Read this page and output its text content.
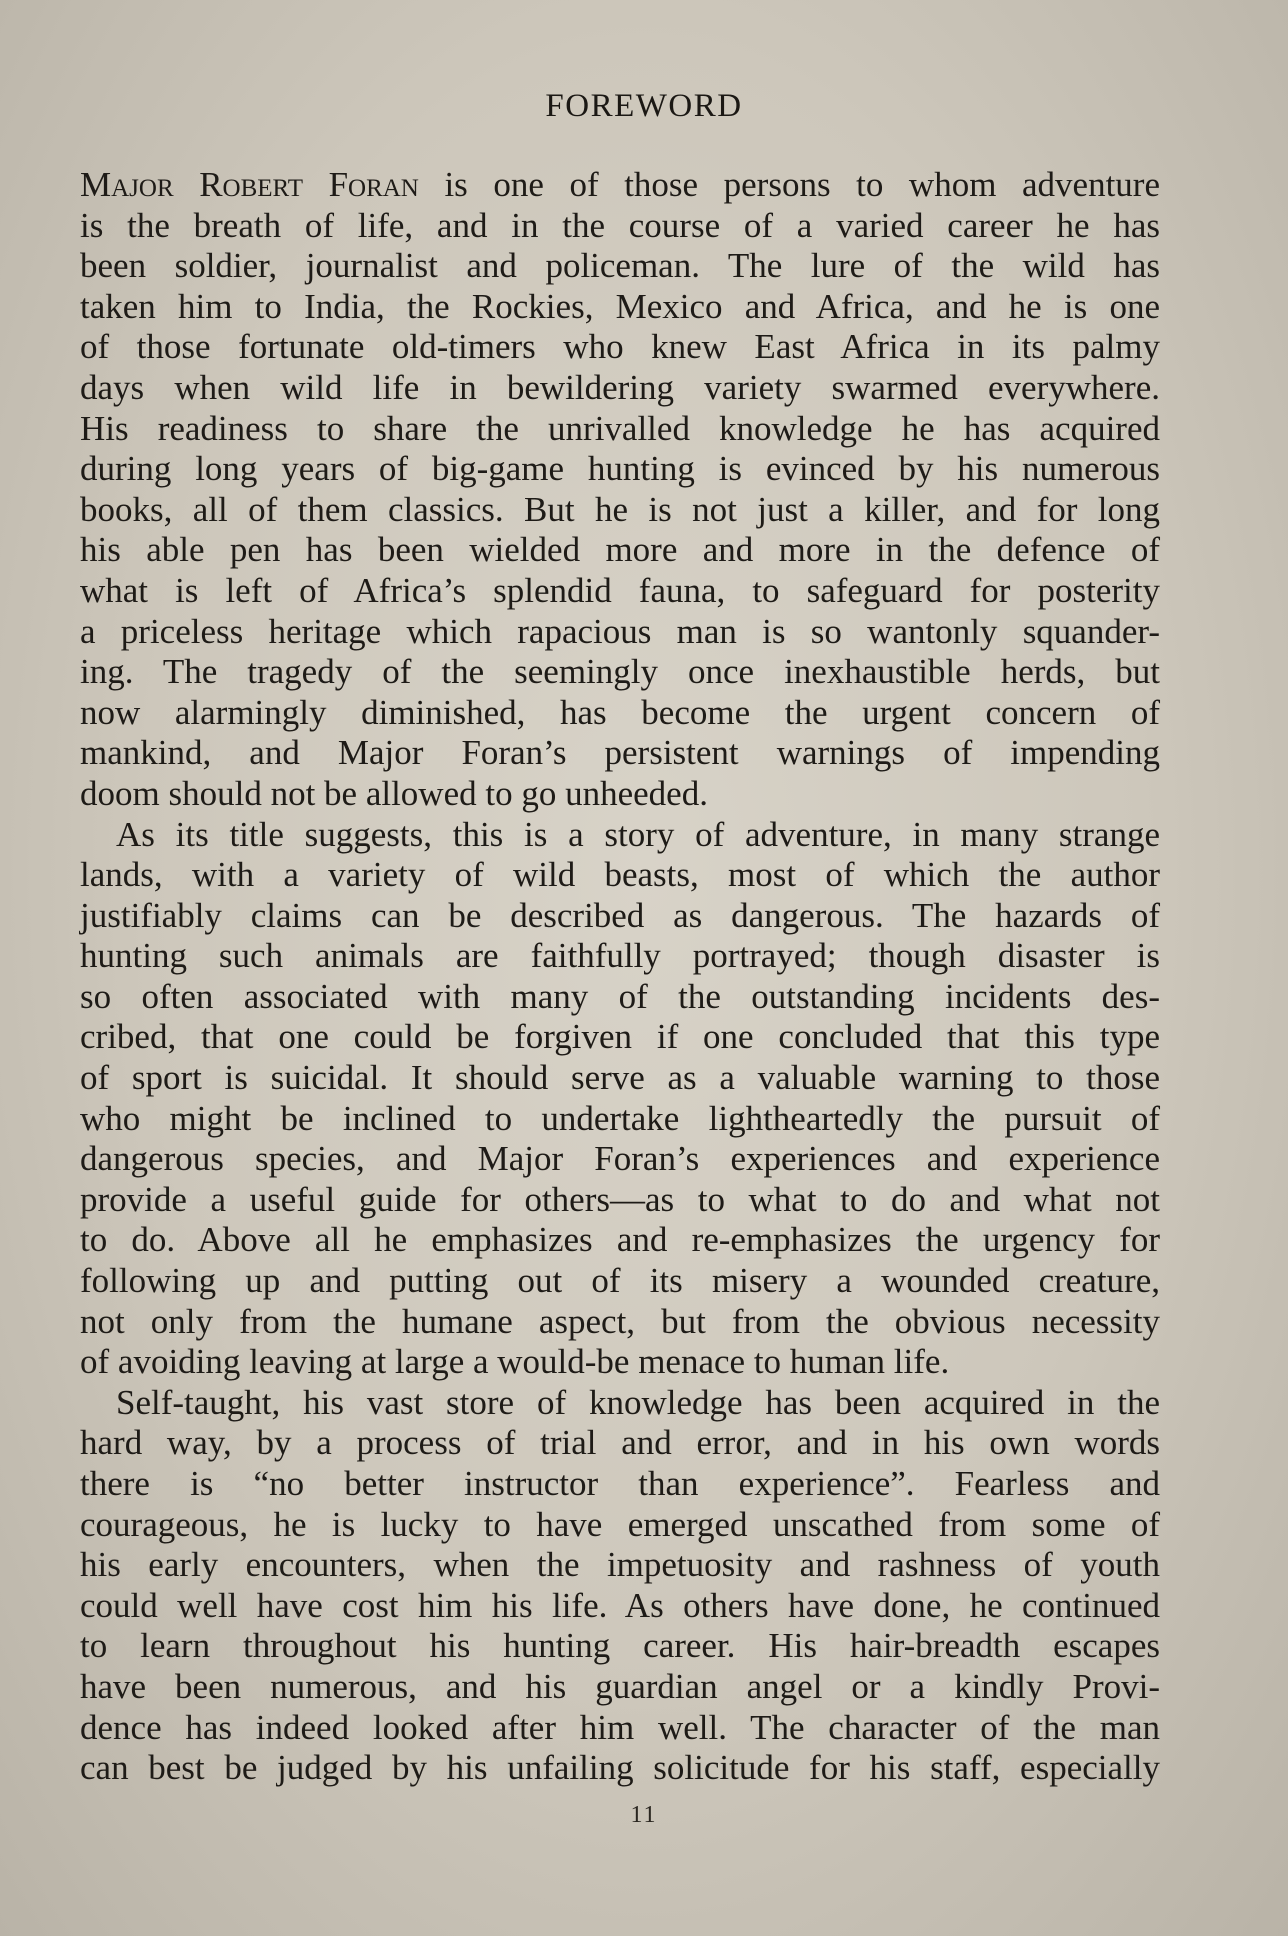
FOREWORD
Major Robert Foran is one of those persons to whom adventure
is the breath of life, and in the course of a varied career he has
been soldier, journalist and policeman. The lure of the wild has
taken him to India, the Rockies, Mexico and Africa, and he is one
of those fortunate old-timers who knew East Africa in its palmy
days when wild life in bewildering variety swarmed everywhere.
His readiness to share the unrivalled knowledge he has acquired
during long years of big-game hunting is evinced by his numerous
books, all of them classics. But he is not just a killer, and for long
his able pen has been wielded more and more in the defence of
what is left of Africa’s splendid fauna, to safeguard for posterity
a priceless heritage which rapacious man is so wantonly squander-
ing. The tragedy of the seemingly once inexhaustible herds, but
now alarmingly diminished, has become the urgent concern of
mankind, and Major Foran’s persistent warnings of impending
doom should not be allowed to go unheeded.
As its title suggests, this is a story of adventure, in many strange
lands, with a variety of wild beasts, most of which the author
justifiably claims can be described as dangerous. The hazards of
hunting such animals are faithfully portrayed; though disaster is
so often associated with many of the outstanding incidents des-
cribed, that one could be forgiven if one concluded that this type
of sport is suicidal. It should serve as a valuable warning to those
who might be inclined to undertake lightheartedly the pursuit of
dangerous species, and Major Foran’s experiences and experience
provide a useful guide for others—as to what to do and what not
to do. Above all he emphasizes and re-emphasizes the urgency for
following up and putting out of its misery a wounded creature,
not only from the humane aspect, but from the obvious necessity
of avoiding leaving at large a would-be menace to human life.
Self-taught, his vast store of knowledge has been acquired in the
hard way, by a process of trial and error, and in his own words
there is “no better instructor than experience”. Fearless and
courageous, he is lucky to have emerged unscathed from some of
his early encounters, when the impetuosity and rashness of youth
could well have cost him his life. As others have done, he continued
to learn throughout his hunting career. His hair-breadth escapes
have been numerous, and his guardian angel or a kindly Provi-
dence has indeed looked after him well. The character of the man
can best be judged by his unfailing solicitude for his staff, especially
11
